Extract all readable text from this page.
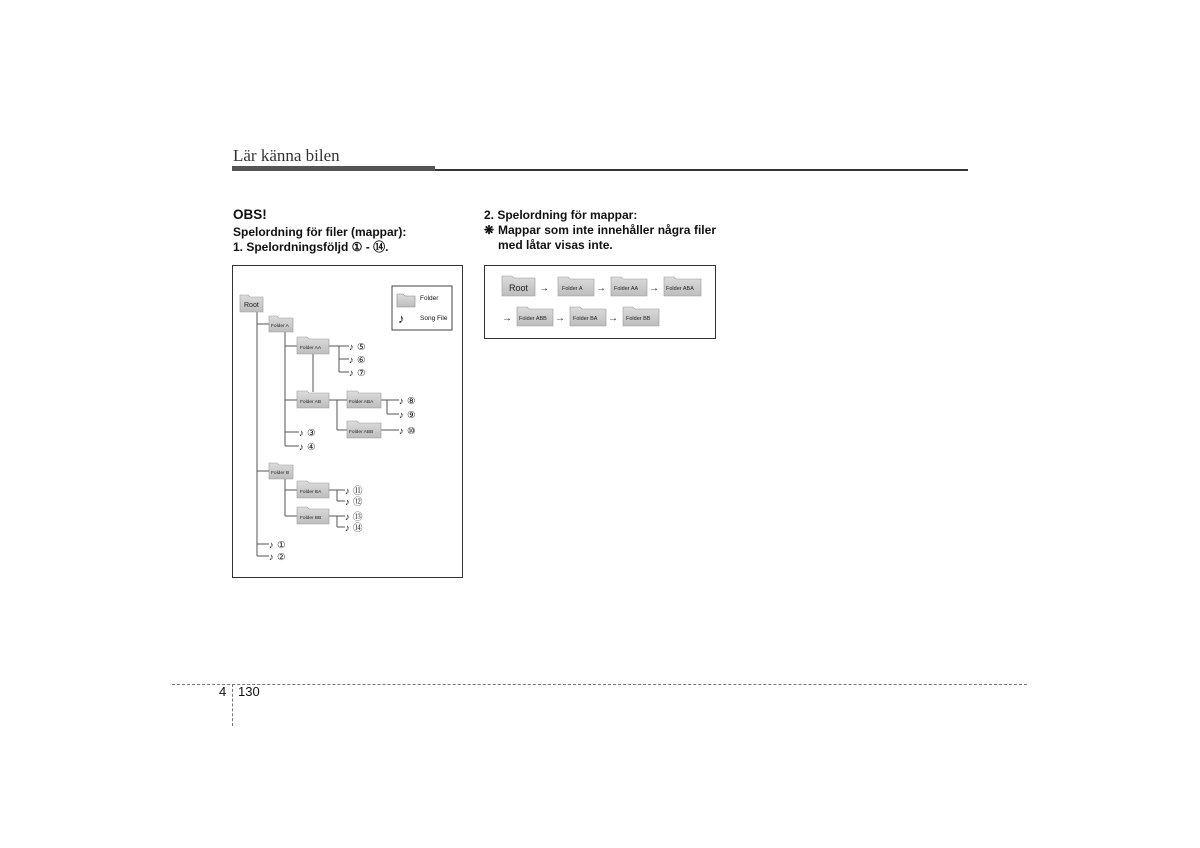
Lär känna bilen
OBS!
Spelordning för filer (mappar):
1. Spelordningsföljd ① - ⑭.
2. Spelordning för mappar:
❋ Mappar som inte innehåller några filer med låtar visas inte.
Folder
♪ Song File
Root
Folder A
Folder AA
Folder AB	Folder ABA
Folder ABB
Folder B
Folder BA
Folder BB
♪ ⑤
♪ ⑥
♪ ⑦
♪ ⑧
♪ ⑨
♪ ⑩
♪ ③
♪ ④
♪ ⑪
♪ ⑫
♪ ⑬
♪ ⑭
♪ ①
♪ ②
Root → Folder A → Folder AA → Folder ABA
→ Folder ABB → Folder BA → Folder BB
4 130
